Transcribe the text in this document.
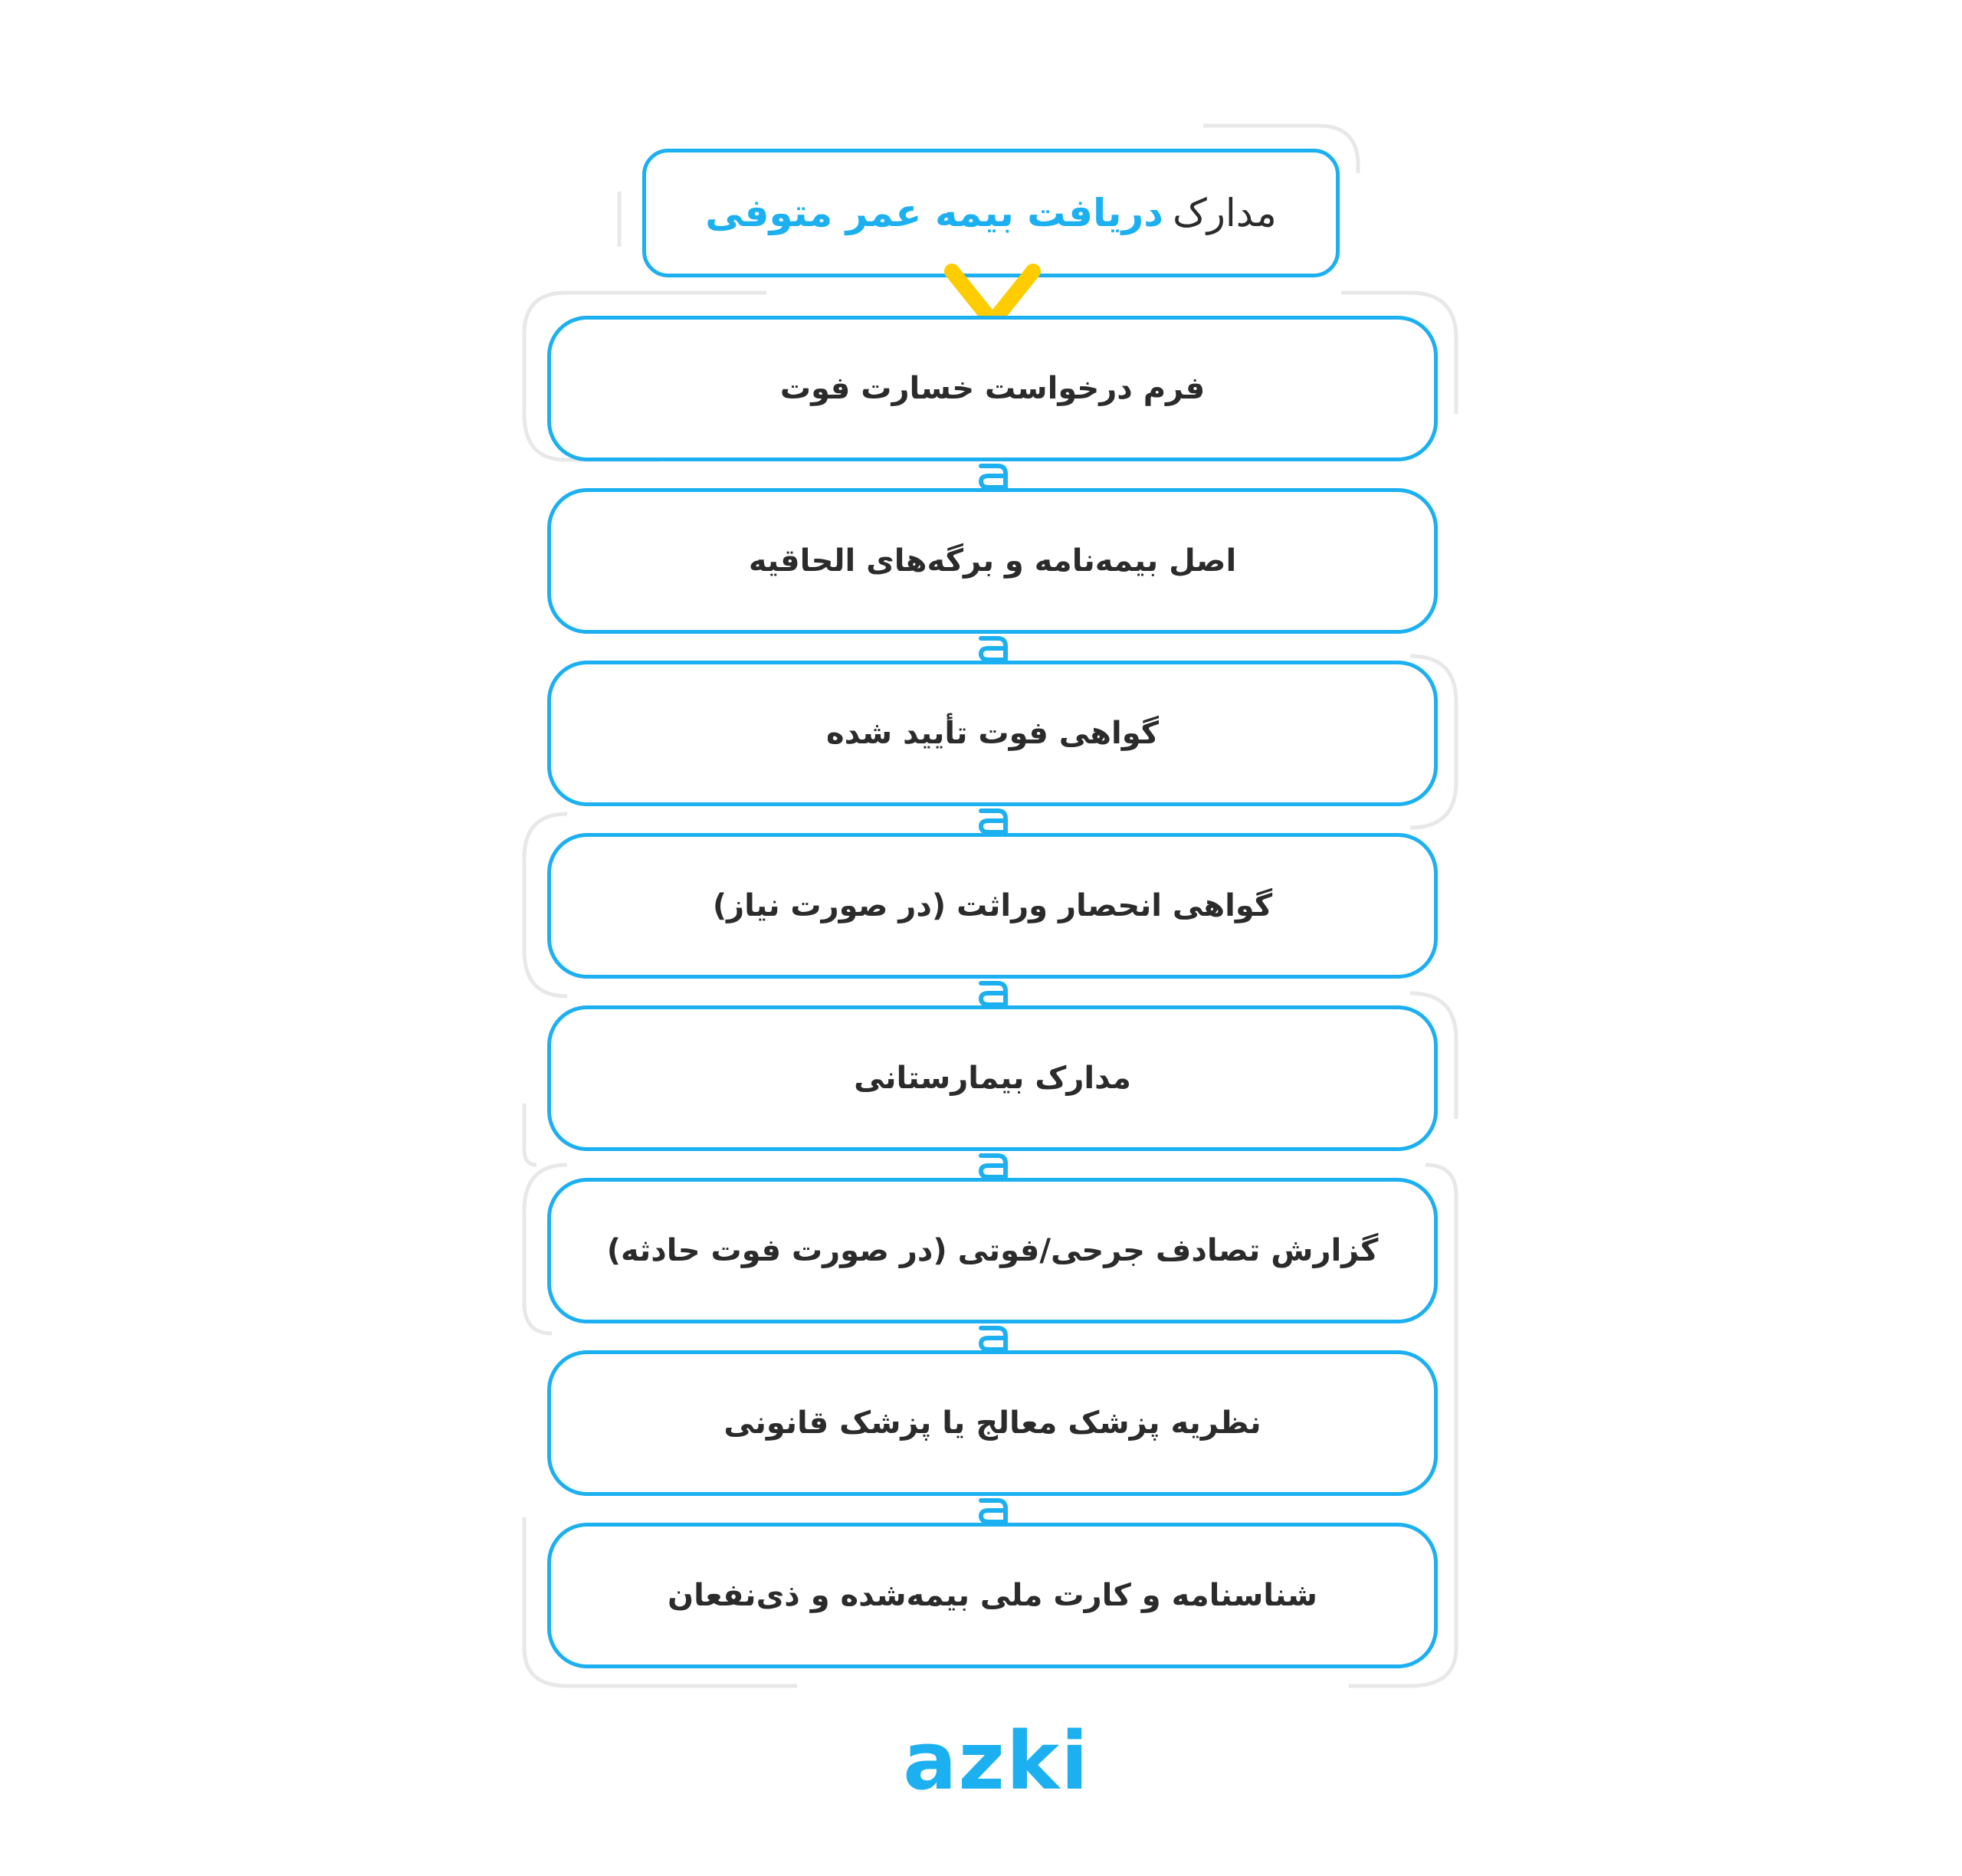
مدارک
دریافت بیمه عمر متوفی
فرم درخواست خسارت فوت
اصل بیمه‌نامه و برگه‌های الحاقیه
گواهی فوت تأیید شده
گواهی انحصار وراثت (در صورت نیاز)
مدارک بیمارستانی
گزارش تصادف جرحی/فوتی (در صورت فوت حادثه)
نظریه پزشک معالج یا پزشک قانونی
شناسنامه و کارت ملی بیمه‌شده و ذی‌نفعان
azki
